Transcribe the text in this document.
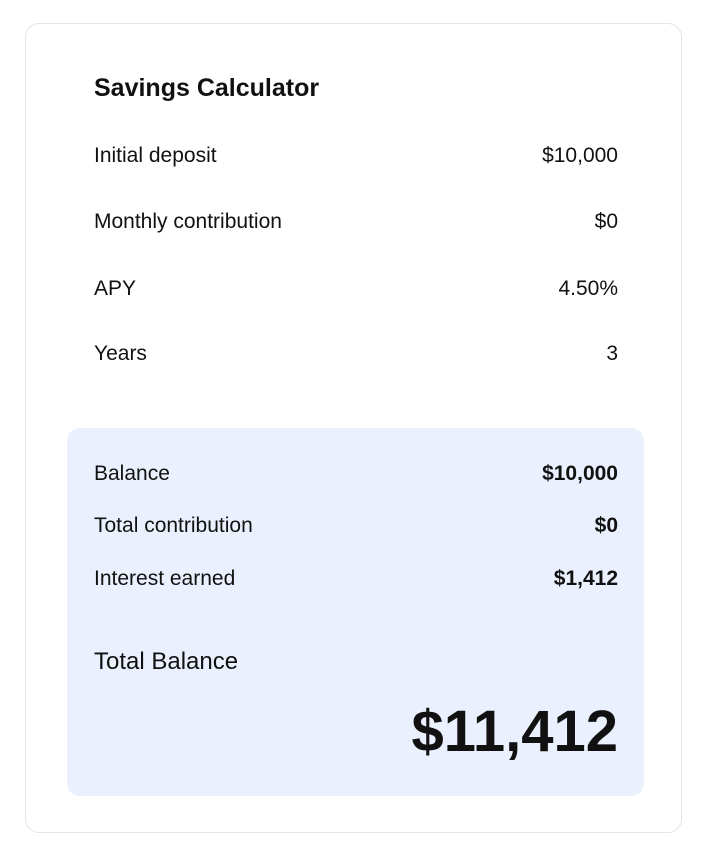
Savings Calculator
Initial deposit	$10,000
Monthly contribution	$0
APY	4.50%
Years	3
Balance	$10,000
Total contribution	$0
Interest earned	$1,412
Total Balance
$11,412
